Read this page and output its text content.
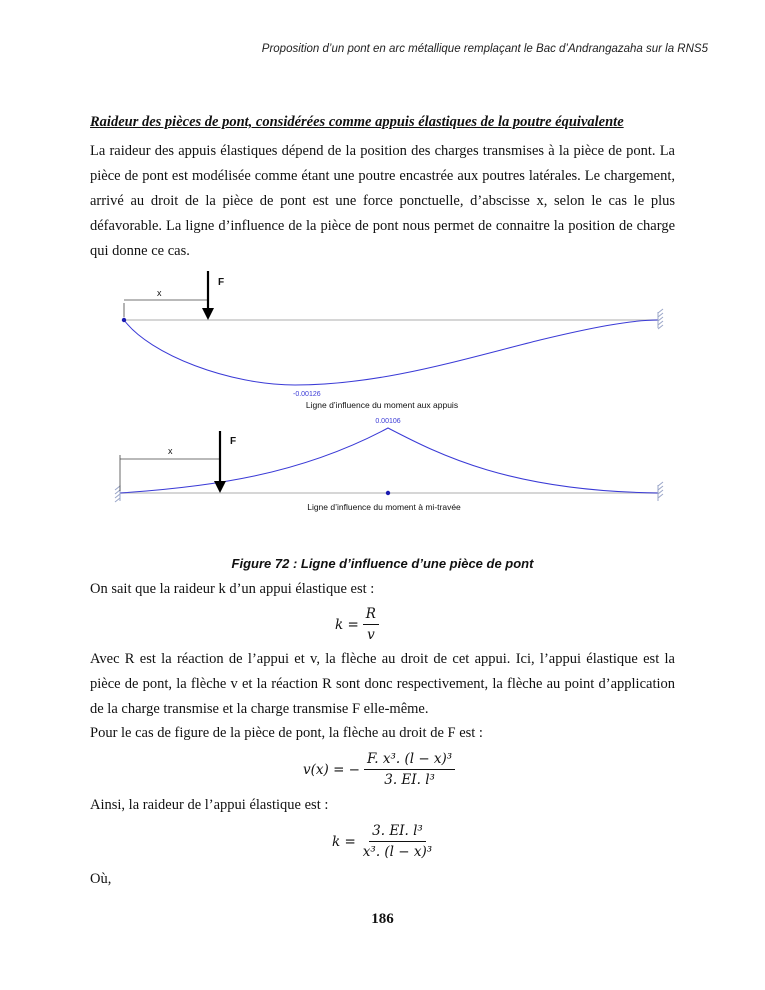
Proposition d’un pont en arc métallique remplaçant le Bac d’Andrangazaha sur la RNS5
Raideur des pièces de pont, considérées comme appuis élastiques de la poutre équivalente
La raideur des appuis élastiques dépend de la position des charges transmises à la pièce de pont. La pièce de pont est modélisée comme étant une poutre encastrée aux poutres latérales. Le chargement, arrivé au droit de la pièce de pont est une force ponctuelle, d’abscisse x, selon le cas le plus défavorable. La ligne d’influence de la pièce de pont nous permet de connaitre la position de charge qui donne ce cas.
x
F
-0.00126
Ligne d’influence du moment aux appuis
x
F
0.00106
Ligne d’influence du moment à mi-travée
Figure 72 : Ligne d’influence d’une pièce de pont
On sait que la raideur k d’un appui élastique est :
$k = \frac{R}{v}$
Avec R est la réaction de l’appui et v, la flèche au droit de cet appui. Ici, l’appui élastique est la pièce de pont, la flèche v et la réaction R sont donc respectivement, la flèche au point d’application de la charge transmise et la charge transmise F elle-même.
Pour le cas de figure de la pièce de pont, la flèche au droit de F est :
v(x) = − $\frac{\text{F. x³. (l − x)³}}{\text{3. EI. l³}}$
Ainsi, la raideur de l’appui élastique est :
$k = \frac{\text{3. EI. l³}}{\text{x³. (l − x)³}}$
Où,
186
